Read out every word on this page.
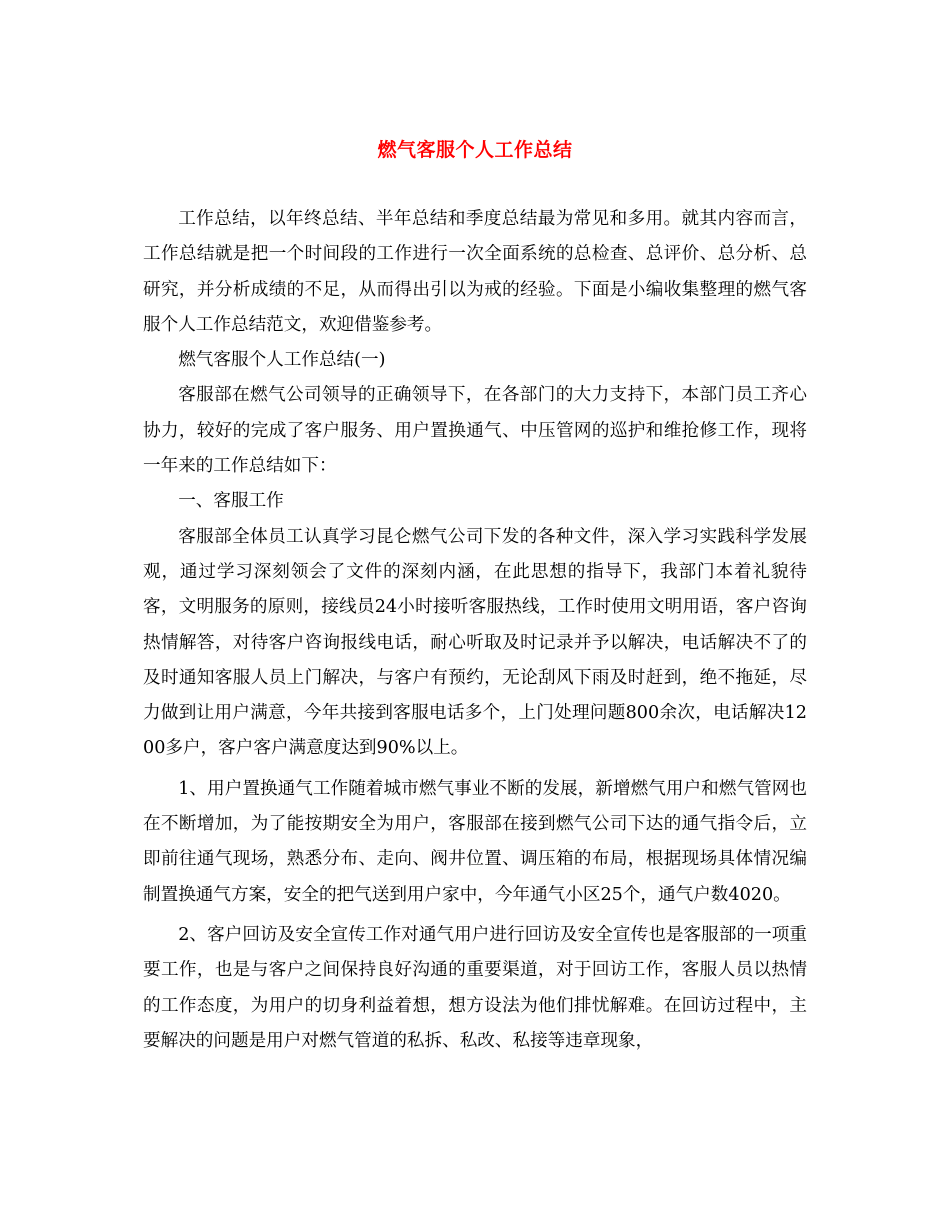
燃气客服个人工作总结

工作总结，以年终总结、半年总结和季度总结最为常见和多用。就其内容而言，工作总结就是把一个时间段的工作进行一次全面系统的总检查、总评价、总分析、总研究，并分析成绩的不足，从而得出引以为戒的经验。下面是小编收集整理的燃气客服个人工作总结范文，欢迎借鉴参考。

燃气客服个人工作总结(一)

客服部在燃气公司领导的正确领导下，在各部门的大力支持下，本部门员工齐心协力，较好的完成了客户服务、用户置换通气、中压管网的巡护和维抢修工作，现将一年来的工作总结如下：

一、客服工作

客服部全体员工认真学习昆仑燃气公司下发的各种文件，深入学习实践科学发展观，通过学习深刻领会了文件的深刻内涵，在此思想的指导下，我部门本着礼貌待客，文明服务的原则，接线员24小时接听客服热线，工作时使用文明用语，客户咨询热情解答，对待客户咨询报线电话，耐心听取及时记录并予以解决，电话解决不了的及时通知客服人员上门解决，与客户有预约，无论刮风下雨及时赶到，绝不拖延，尽力做到让用户满意，今年共接到客服电话多个，上门处理问题800余次，电话解决1200多户，客户客户满意度达到90%以上。

1、用户置换通气工作随着城市燃气事业不断的发展，新增燃气用户和燃气管网也在不断增加，为了能按期安全为用户，客服部在接到燃气公司下达的通气指令后，立即前往通气现场，熟悉分布、走向、阀井位置、调压箱的布局，根据现场具体情况编制置换通气方案，安全的把气送到用户家中，今年通气小区25个，通气户数4020。

2、客户回访及安全宣传工作对通气用户进行回访及安全宣传也是客服部的一项重要工作，也是与客户之间保持良好沟通的重要渠道，对于回访工作，客服人员以热情的工作态度，为用户的切身利益着想，想方设法为他们排忧解难。在回访过程中，主要解决的问题是用户对燃气管道的私拆、私改、私接等违章现象，
